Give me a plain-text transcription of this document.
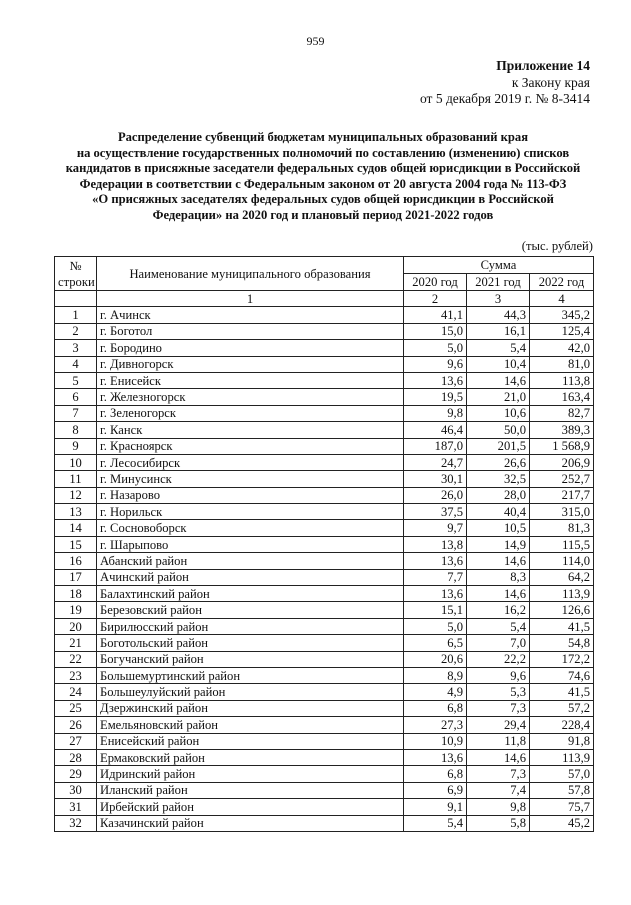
959
Приложение 14
к Закону края
от 5 декабря 2019 г. № 8-3414
Распределение субвенций бюджетам муниципальных образований края
на осуществление государственных полномочий по составлению (изменению) списков
кандидатов в присяжные заседатели федеральных судов общей юрисдикции в Российской
Федерации в соответствии с Федеральным законом от 20 августа 2004 года № 113-ФЗ
«О присяжных заседателях федеральных судов общей юрисдикции в Российской
Федерации» на 2020 год и плановый период 2021-2022 годов
(тыс. рублей)
№ строки	Наименование муниципального образования	Сумма		
		2020 год	2021 год	2022 год
	1	2	3	4
1	г. Ачинск	41,1	44,3	345,2
2	г. Боготол	15,0	16,1	125,4
3	г. Бородино	5,0	5,4	42,0
4	г. Дивногорск	9,6	10,4	81,0
5	г. Енисейск	13,6	14,6	113,8
6	г. Железногорск	19,5	21,0	163,4
7	г. Зеленогорск	9,8	10,6	82,7
8	г. Канск	46,4	50,0	389,3
9	г. Красноярск	187,0	201,5	1 568,9
10	г. Лесосибирск	24,7	26,6	206,9
11	г. Минусинск	30,1	32,5	252,7
12	г. Назарово	26,0	28,0	217,7
13	г. Норильск	37,5	40,4	315,0
14	г. Сосновоборск	9,7	10,5	81,3
15	г. Шарыпово	13,8	14,9	115,5
16	Абанский район	13,6	14,6	114,0
17	Ачинский район	7,7	8,3	64,2
18	Балахтинский район	13,6	14,6	113,9
19	Березовский район	15,1	16,2	126,6
20	Бирилюсский район	5,0	5,4	41,5
21	Боготольский район	6,5	7,0	54,8
22	Богучанский район	20,6	22,2	172,2
23	Большемуртинский район	8,9	9,6	74,6
24	Большеулуйский район	4,9	5,3	41,5
25	Дзержинский район	6,8	7,3	57,2
26	Емельяновский район	27,3	29,4	228,4
27	Енисейский район	10,9	11,8	91,8
28	Ермаковский район	13,6	14,6	113,9
29	Идринский район	6,8	7,3	57,0
30	Иланский район	6,9	7,4	57,8
31	Ирбейский район	9,1	9,8	75,7
32	Казачинский район	5,4	5,8	45,2
